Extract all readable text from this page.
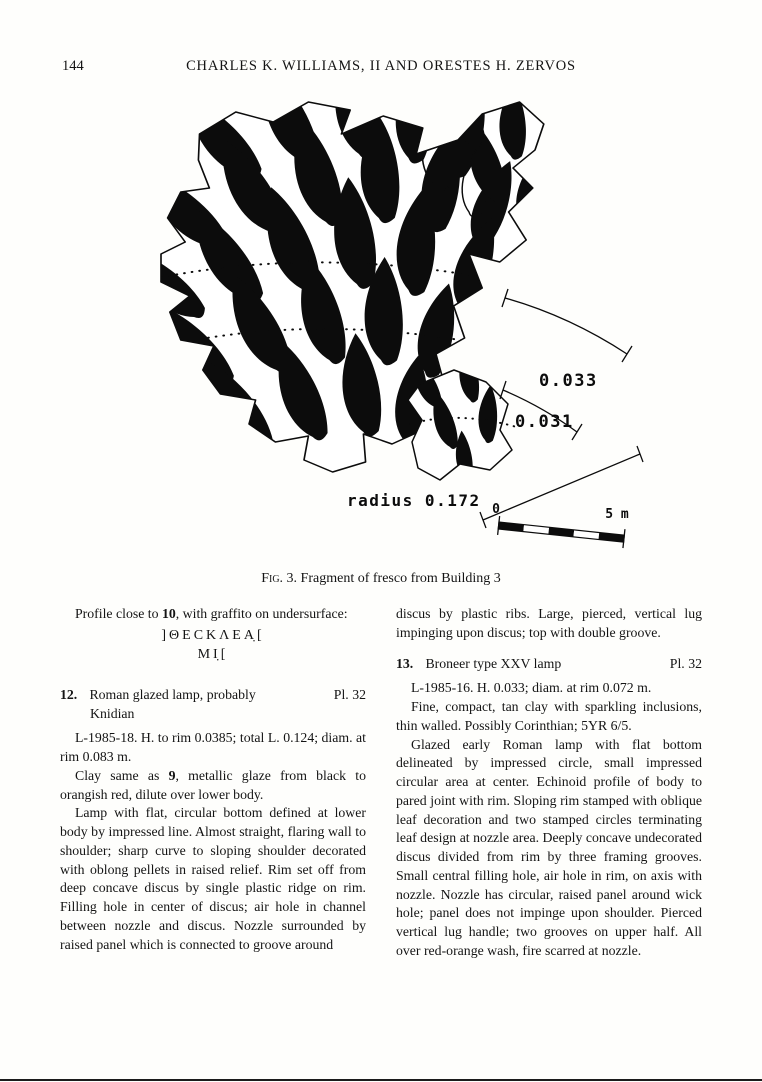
144	CHARLES K. WILLIAMS, II AND ORESTES H. ZERVOS
0.033
0.031
radius 0.172 0	5 m
Fig. 3. Fragment of fresco from Building 3

Profile close to 10, with graffito on undersurface:

]ΘΕCΚΛΕΑ̣[
ΜΙ̣[
Pl. 32
12. Roman glazed lamp, probably
Knidian

L-1985-18. H. to rim 0.0385; total L. 0.124; diam. at rim 0.083 m.

Clay same as 9, metallic glaze from black to orangish red, dilute over lower body.

Lamp with flat, circular bottom defined at lower body by impressed line. Almost straight, flaring wall to shoulder; sharp curve to sloping shoulder decorated with oblong pellets in raised relief. Rim set off from deep concave discus by single plastic ridge on rim. Filling hole in center of discus; air hole in channel between nozzle and discus. Nozzle surrounded by raised panel which is connected to groove around

discus by plastic ribs. Large, pierced, vertical lug impinging upon discus; top with double groove.

Pl. 32
13. Broneer type XXV lamp

L-1985-16. H. 0.033; diam. at rim 0.072 m.

Fine, compact, tan clay with sparkling inclusions, thin walled. Possibly Corinthian; 5YR 6/5.

Glazed early Roman lamp with flat bottom delineated by impressed circle, small impressed circular area at center. Echinoid profile of body to pared joint with rim. Sloping rim stamped with oblique leaf decoration and two stamped circles terminating leaf design at nozzle area. Deeply concave undecorated discus divided from rim by three framing grooves. Small central filling hole, air hole in rim, on axis with nozzle. Nozzle has circular, raised panel around wick hole; panel does not impinge upon shoulder. Pierced vertical lug handle; two grooves on upper half. All over red-orange wash, fire scarred at nozzle.
